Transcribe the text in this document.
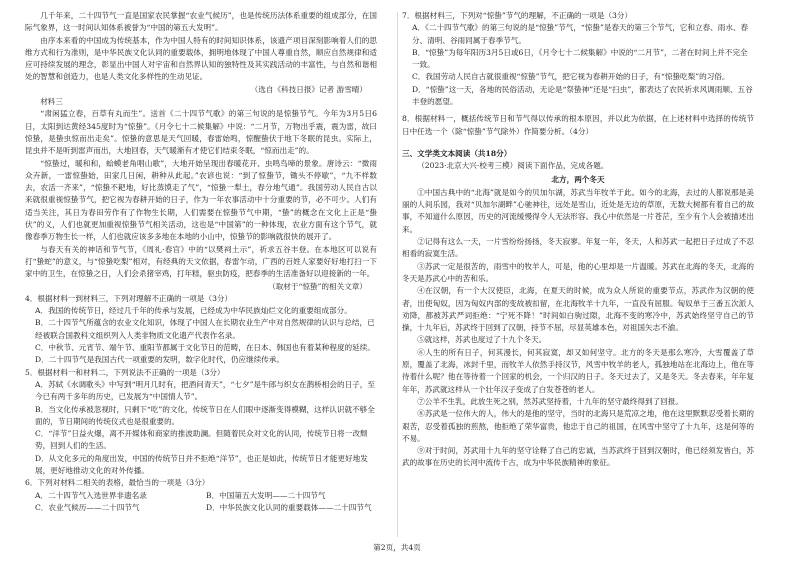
几千年来，二十四节气一直是国家农民掌握“农业气候历”，也是传统历法体系重要的组成部分，在国际气象界，这一时间认知体系被誉为“中国的第五大发明”。

由序本来看的中国成为传统基本，作为中国人特有的时间知识体系，该遗产项目深刻影响着人们的思维方式和行为准则，是中华民族文化认同的重要载体，拥明地体现了中国人尊重自然，顺应自然规律和适应可持续发展的理念，彰显出中国人对宇宙和自然界认知的独特性及其实践活动的丰富性，与自然和谐相处的智慧和创造力，也是人类文化多样性的生动见证。

（选自《科技日报》记者 游雪晴）

材料三

“肃闲猛立春，百草有丸而生”。送首《二十四节气歌》的第三句说的是惊蛰节气。今年为3月5日6日，太阳到达黄经345度时为“惊蛰”。《月令七十二候集解》中说：“二月节，万物出乎震，震为雷，故曰惊蛰，是蛰虫惊而出走矣”。惊蛰的意思是天气回暖，春雷始鸣，惊醒蛰伏于地下冬眠的昆虫。实际上，昆虫并不是听到雷声而出，大地回春，天气暖渐有才使它们结束冬眠，“惊而出走”的。

“惊蛰过，暖和和，蛤蟆老角唱山歌”，大地开始呈现出春暖花开、虫鸣鸟啼的景象。唐诗云：“微雨众卉新，一雷惊蛰始，田家几日闲，耕种从此起。”农谚也说：“到了惊蛰节，锄头不停歇”，“九不样数去，农活一齐来”，“惊蛰不耙地，好比蒸馍走了气”，“惊蛰一犁土，春分地气通”。我国劳动人民自古以来就很重视惊蛰节气，把它视为春耕开始的日子，作为一年农事活动中十分重要的节，必不可少。人们有适当关注，其日为春田劳作有了作物生长期，人们需要在惊蛰节气中期，“蛰”的概念在文化上正是“蛰伏”的义，人们也就更加重视惊蛰节气相关活动，这也是“中国第”的一种体现，农业方面有这个节气，就像春季万物生长一样，人们也就应该多多地在本地的小山中，惊蛰节的影响就很快的展开了。

与春天有关的神话和节气节，《周礼·春官》中的“以樊祠土示”，祈求五谷丰登。在本地区可以说有打“蛰蛇”的意义，与“惊蛰吃梨”相对，有经典的天文依据，春雷乍动，广西的百姓人家要好好地打扫一下家中的卫生，在惊蛰之日，人们会杀猪宰鸡，打年糕，驱虫防疫，把春季的生活准备好以迎接新的一年。

（取材于“惊蛰”的相关文章）

4．根据材料一到材料三，下列对理解不正确的一项是（3分）

A．我国的传统节日，经过几千年的传承与发展，已经成为中华民族灿烂文化的重要组成部分。

B．二十四节气所蕴含的农业文化知识，体现了中国人在长期农业生产中对自然规律的认识与总结，已经被联合国教科文组织列入人类非物质文化遗产代表作名录。

C．中秋节、元宵节、端午节、重阳节都属于文化节日的范畴，在日本、韩国也有着某种程度的延续。

D．二十四节气是我国古代一项重要的发明，数字化时代，仍应继续传承。

5．根据材料一和材料二，下列说法不正确的一项是（3分）

A．苏轼《水调歌头》中写到“明月几时有，把酒问青天”，“七夕”是牛郎与织女在鹊桥相会的日子，至今已有两千多年的历史，已发展为“中国情人节”。

B．当文化传承被忽视时，只剩下“吃”的文化，传统节日在人们眼中逐渐变得模糊，这样认识就不够全面的，节日期间的传统仪式也是很重要的。

C．“洋节”日益火爆，离不开媒体和商家的推波助澜。但随着民众对文化的认同，传统节日将一改颓势，回到人们的生活。

D．从文化多元的角度出发，中国的传统节日并不拒绝“洋节”，也正是如此，传统节日才能更好地发展，更好地推动文化的对外传播。

6．下列对材料二相关的表格，最恰当的一项是（3分）

A．二十四节气入选世界非遗名录	B．中国第五大发明——二十四节气
C．农业气候历——二十四节气	D．中华民族文化认同的重要载体——二十四节气

7．根据材料三，下列对“惊蛰”节气的理解，不正确的一项是（3分）

A．《二十四节气歌》的第三句说的是“惊蛰”节气，“惊蛰”是春天的第三个节气，它和立春、雨水、春分、清明、谷雨同属于春季节气。

B．“惊蛰”为每年阳历3月5日或6日，《月令七十二候集解》中说的“二月节”，二者在时间上并不完全一致。

C．我国劳动人民自古就很重视“惊蛰”节气，把它视为春耕开始的日子，有“惊蛰吃梨”的习俗。

D．“惊蛰”这一天，各地的民俗活动，无论是“祭蛰神”还是“扫虫”，都表达了农民祈求风调雨顺、五谷丰登的愿望。

8．根据材料一，概括传统节日和节气得以传承的根本原因，并以此为依据，在上述材料中选择的传统节日中任选一个（除“惊蛰”节气除外）作简要分析。（4分）

三、文学类文本阅读（共18分）

（2023·北京大兴·校考三模）阅读下面作品，完成各题。

北方，两个冬天

①中国古典中的“北海”就是如今的贝加尔湖，苏武当年牧羊于此。如今的北海，去过的人都说那是美丽的人间乐园，我对“贝加尔湖畔”心驰神往，远处是雪山，近处是无边的草原，无数大树都有着自己的故事，不知道什么原因，历史的河流缓慢得令人无法形容。我心中依然是一片苍茫，至少有个人会被描述出来。

②记得有这么一天，一片雪纷纷扬扬，冬天寂寥。年复一年，冬天，人和苏武一起把日子过成了不忍相看的寂寞生活。

③苏武一定是很苦的，雨雪中的牧羊人，可是，他的心里却是一片温暖。苏武在北海的冬天，北海的冬天是苏武心中的苦和乐。

④在汉朝，有一个大汉使臣，北海，在夏天的时候，成为众人所说的重要节点，苏武作为汉朝的使者，出使匈奴，因为匈奴内部的变故被扣留，在北海牧羊十九年，一直没有屈服。匈奴单于三番五次派人劝降，都被苏武严词拒绝：“宁死不降！”时间如白驹过隙，北海不变的寒冷中，苏武始终坚守自己的节操，十九年后，苏武终于回到了汉朝，持节不屈，尽显英雄本色，对祖国矢志不渝。

⑤就这样，苏武也度过了十九个冬天。

⑥人生的所有日子，何其漫长，何其寂寞，却又如何坚守。北方的冬天是那么寒冷，大雪覆盖了草原，覆盖了北海，冰封千里，而牧羊人依然手持汉节，风雪中牧羊的老人，孤独地站在北海边上，他在等待着什么呢？他在等待着一个回家的机会，一个归汉的日子。冬天过去了，又是冬天。冬去春来，年年复年年，苏武就这样从一个壮年汉子变成了白发苍苍的老人。

⑦公羊不生乳，此放生死之别，然苏武坚持着，十九年的坚守最终得到了回报。

⑧苏武是一位伟大的人，伟大的是他的坚守，当时的北海只是荒凉之地，他在这里默默忍受着长期的艰苦，忍受着孤独的煎熬，他拒绝了荣华富贵，他忠于自己的祖国，在风雪中坚守了十九年，这是何等的不易。

⑨对于时间，苏武用十九年的坚守诠释了自己的忠诚，当苏武终于回到汉朝时，他已经须发皆白，苏武的故事在历史的长河中流传千古，成为中华民族精神的象征。

第2页，共4页
